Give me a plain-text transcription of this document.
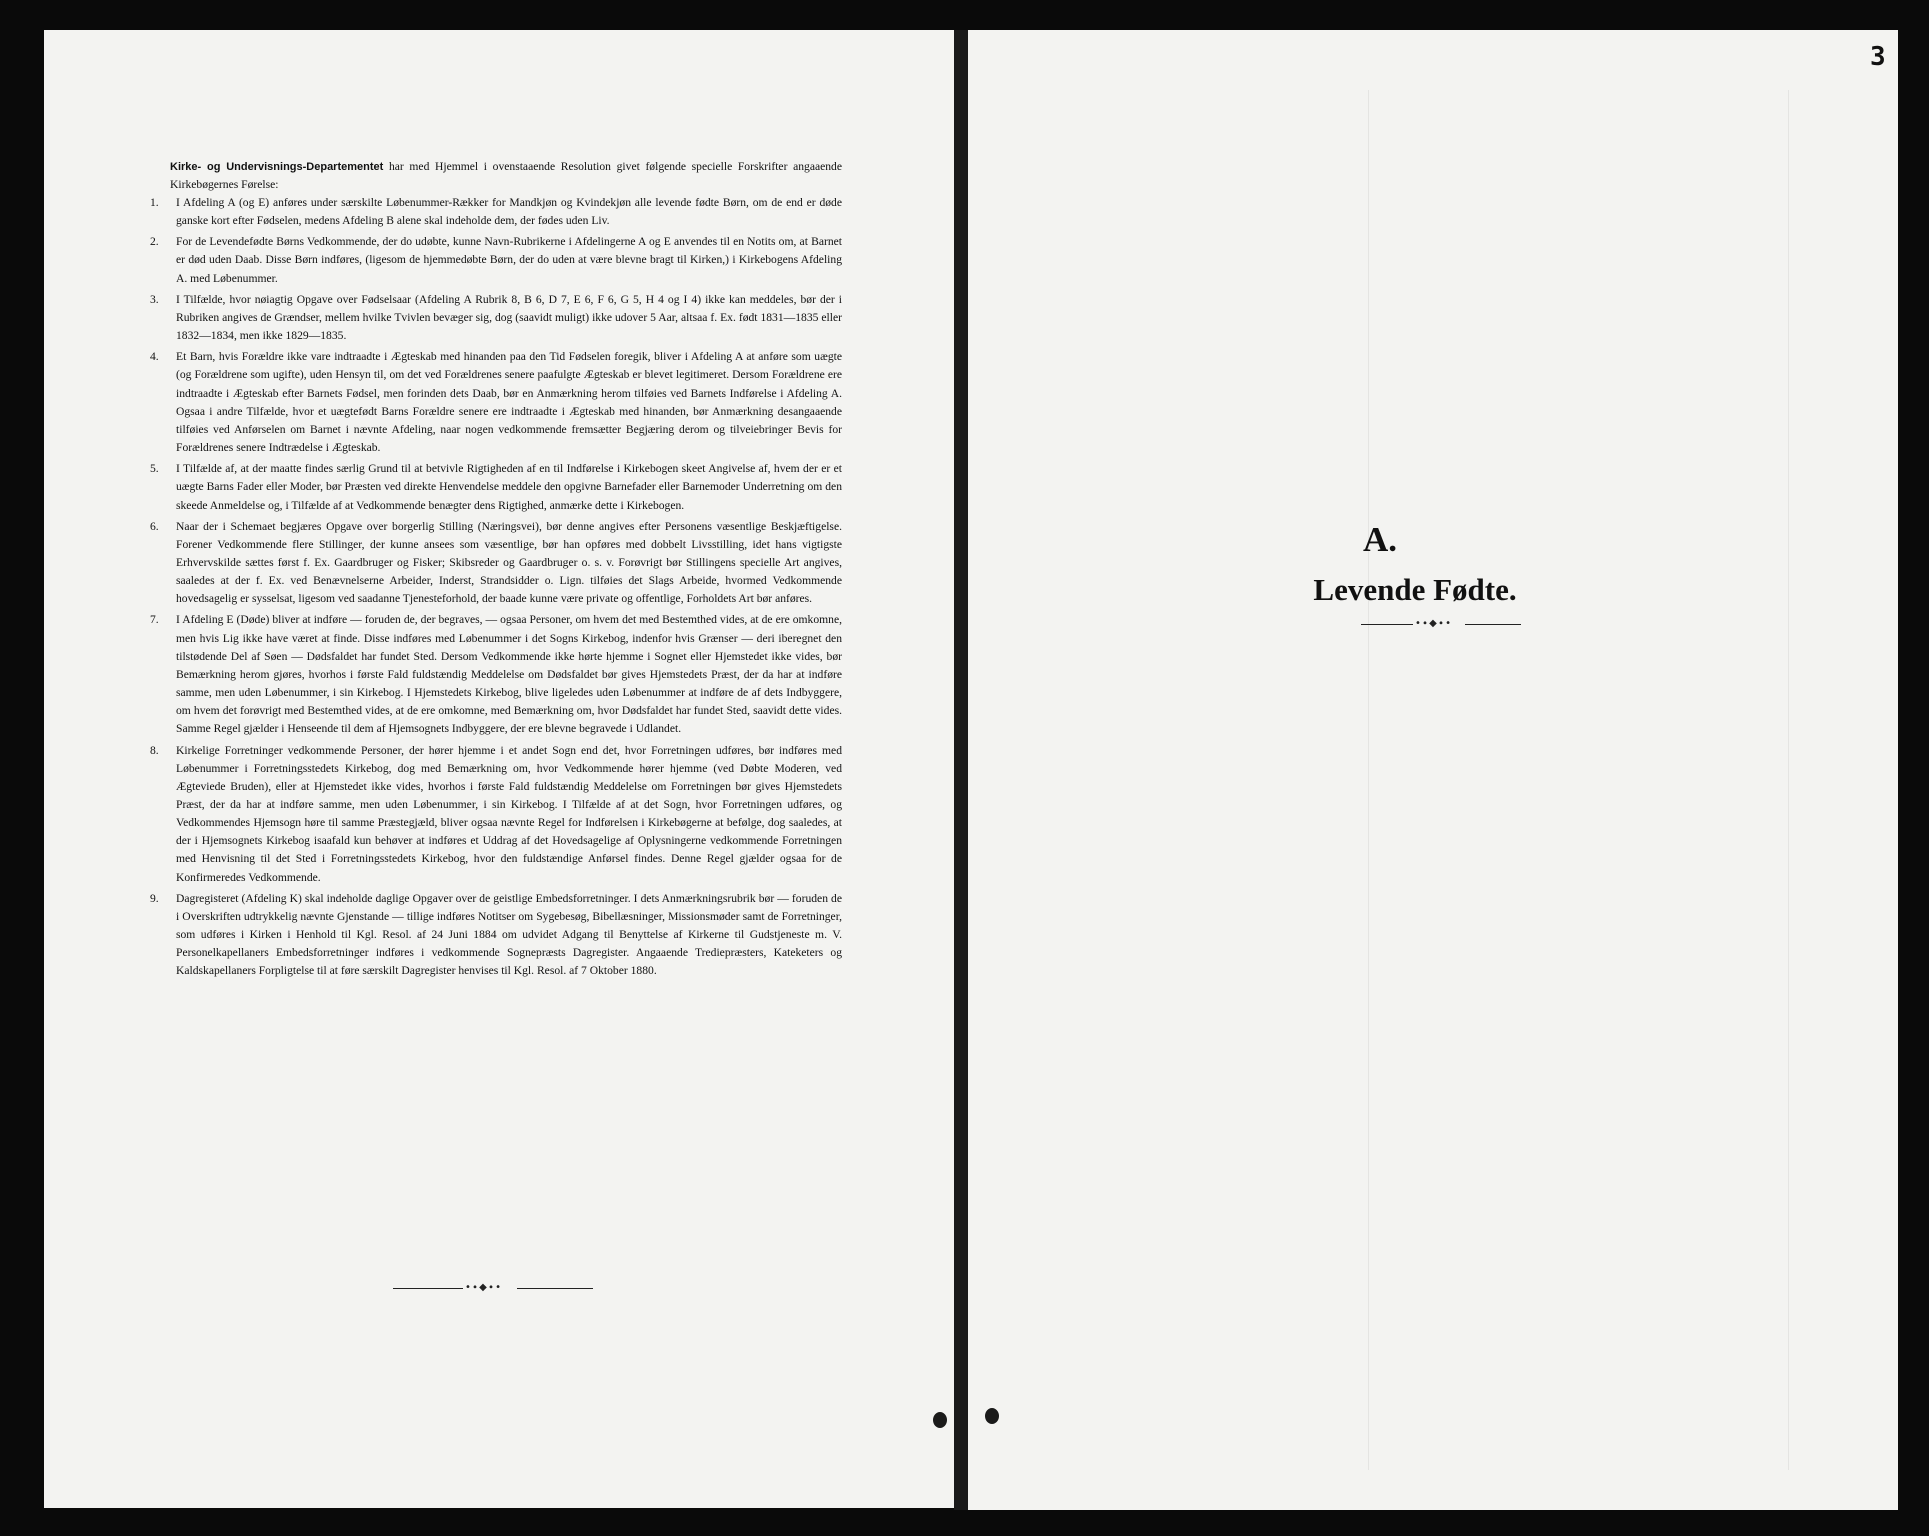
Kirke- og Undervisnings-Departementet har med Hjemmel i ovenstaaende Resolution givet følgende specielle Forskrifter angaaende Kirkebøgernes Førelse:
1. I Afdeling A (og E) anføres under særskilte Løbenummer-Rækker for Mandkjøn og Kvindekjøn alle levende fødte Børn, om de end er døde ganske kort efter Fødselen, medens Afdeling B alene skal indeholde dem, der fødes uden Liv.
2. For de Levendefødte Børns Vedkommende, der do udøbte, kunne Navn-Rubrikerne i Afdelingerne A og E anvendes til en Notits om, at Barnet er død uden Daab. Disse Børn indføres, (ligesom de hjemmedøbte Børn, der do uden at være blevne bragt til Kirken,) i Kirkebogens Afdeling A. med Løbenummer.
3. I Tilfælde, hvor nøiagtig Opgave over Fødselsaar (Afdeling A Rubrik 8, B 6, D 7, E 6, F 6, G 5, H 4 og I 4) ikke kan meddeles, bør der i Rubriken angives de Grændser, mellem hvilke Tvivlen bevæger sig, dog (saavidt muligt) ikke udover 5 Aar, altsaa f. Ex. født 1831—1835 eller 1832—1834, men ikke 1829—1835.
4. Et Barn, hvis Forældre ikke vare indtraadte i Ægteskab med hinanden paa den Tid Fødselen foregik, bliver i Afdeling A at anføre som uægte (og Forældrene som ugifte), uden Hensyn til, om det ved Forældrenes senere paafulgte Ægteskab er blevet legitimeret. Dersom Forældrene ere indtraadte i Ægteskab efter Barnets Fødsel, men forinden dets Daab, bør en Anmærkning herom tilføies ved Barnets Indførelse i Afdeling A. Ogsaa i andre Tilfælde, hvor et uægtefødt Barns Forældre senere ere indtraadte i Ægteskab med hinanden, bør Anmærkning desangaaende tilføies ved Anførselen om Barnet i nævnte Afdeling, naar nogen vedkommende fremsætter Begjæring derom og tilveiebringer Bevis for Forældrenes senere Indtrædelse i Ægteskab.
5. I Tilfælde af, at der maatte findes særlig Grund til at betvivle Rigtigheden af en til Indførelse i Kirkebogen skeet Angivelse af, hvem der er et uægte Barns Fader eller Moder, bør Præsten ved direkte Henvendelse meddele den opgivne Barnefader eller Barnemoder Underretning om den skeede Anmeldelse og, i Tilfælde af at Vedkommende benægter dens Rigtighed, anmærke dette i Kirkebogen.
6. Naar der i Schemaet begjæres Opgave over borgerlig Stilling (Næringsvei), bør denne angives efter Personens væsentlige Beskjæftigelse. Forener Vedkommende flere Stillinger, der kunne ansees som væsentlige, bør han opføres med dobbelt Livsstilling, idet hans vigtigste Erhvervskilde sættes først f. Ex. Gaardbruger og Fisker; Skibsreder og Gaardbruger o. s. v. Forøvrigt bør Stillingens specielle Art angives, saaledes at der f. Ex. ved Benævnelserne Arbeider, Inderst, Strandsidder o. Lign. tilføies det Slags Arbeide, hvormed Vedkommende hovedsagelig er sysselsat, ligesom ved saadanne Tjenesteforhold, der baade kunne være private og offentlige, Forholdets Art bør anføres.
7. I Afdeling E (Døde) bliver at indføre — foruden de, der begraves, — ogsaa Personer, om hvem det med Bestemthed vides, at de ere omkomne, men hvis Lig ikke have været at finde. Disse indføres med Løbenummer i det Sogns Kirkebog, indenfor hvis Grænser — deri iberegnet den tilstødende Del af Søen — Dødsfaldet har fundet Sted. Dersom Vedkommende ikke hørte hjemme i Sognet eller Hjemstedet ikke vides, bør Bemærkning herom gjøres, hvorhos i første Fald fuldstændig Meddelelse om Dødsfaldet bør gives Hjemstedets Præst, der da har at indføre samme, men uden Løbenummer, i sin Kirkebog. I Hjemstedets Kirkebog, blive ligeledes uden Løbenummer at indføre de af dets Indbyggere, om hvem det forøvrigt med Bestemthed vides, at de ere omkomne, med Bemærkning om, hvor Dødsfaldet har fundet Sted, saavidt dette vides. Samme Regel gjælder i Henseende til dem af Hjemsognets Indbyggere, der ere blevne begravede i Udlandet.
8. Kirkelige Forretninger vedkommende Personer, der hører hjemme i et andet Sogn end det, hvor Forretningen udføres, bør indføres med Løbenummer i Forretningsstedets Kirkebog, dog med Bemærkning om, hvor Vedkommende hører hjemme (ved Døbte Moderen, ved Ægteviede Bruden), eller at Hjemstedet ikke vides, hvorhos i første Fald fuldstændig Meddelelse om Forretningen bør gives Hjemstedets Præst, der da har at indføre samme, men uden Løbenummer, i sin Kirkebog. I Tilfælde af at det Sogn, hvor Forretningen udføres, og Vedkommendes Hjemsogn høre til samme Præstegjæld, bliver ogsaa nævnte Regel for Indførelsen i Kirkebøgerne at befølge, dog saaledes, at der i Hjemsognets Kirkebog isaafald kun behøver at indføres et Uddrag af det Hovedsagelige af Oplysningerne vedkommende Forretningen med Henvisning til det Sted i Forretningsstedets Kirkebog, hvor den fuldstændige Anførsel findes. Denne Regel gjælder ogsaa for de Konfirmeredes Vedkommende.
9. Dagregisteret (Afdeling K) skal indeholde daglige Opgaver over de geistlige Embedsforretninger. I dets Anmærkningsrubrik bør — foruden de i Overskriften udtrykkelig nævnte Gjenstande — tillige indføres Notitser om Sygebesøg, Bibellæsninger, Missionsmøder samt de Forretninger, som udføres i Kirken i Henhold til Kgl. Resol. af 24 Juni 1884 om udvidet Adgang til Benyttelse af Kirkerne til Gudstjeneste m. V. Personelkapellaners Embedsforretninger indføres i vedkommende Sognepræsts Dagregister. Angaaende Trediepræsters, Kateketers og Kaldskapellaners Forpligtelse til at føre særskilt Dagregister henvises til Kgl. Resol. af 7 Oktober 1880.
•∙◆∙•
A.
Levende Fødte.
•∙◆∙•
3
